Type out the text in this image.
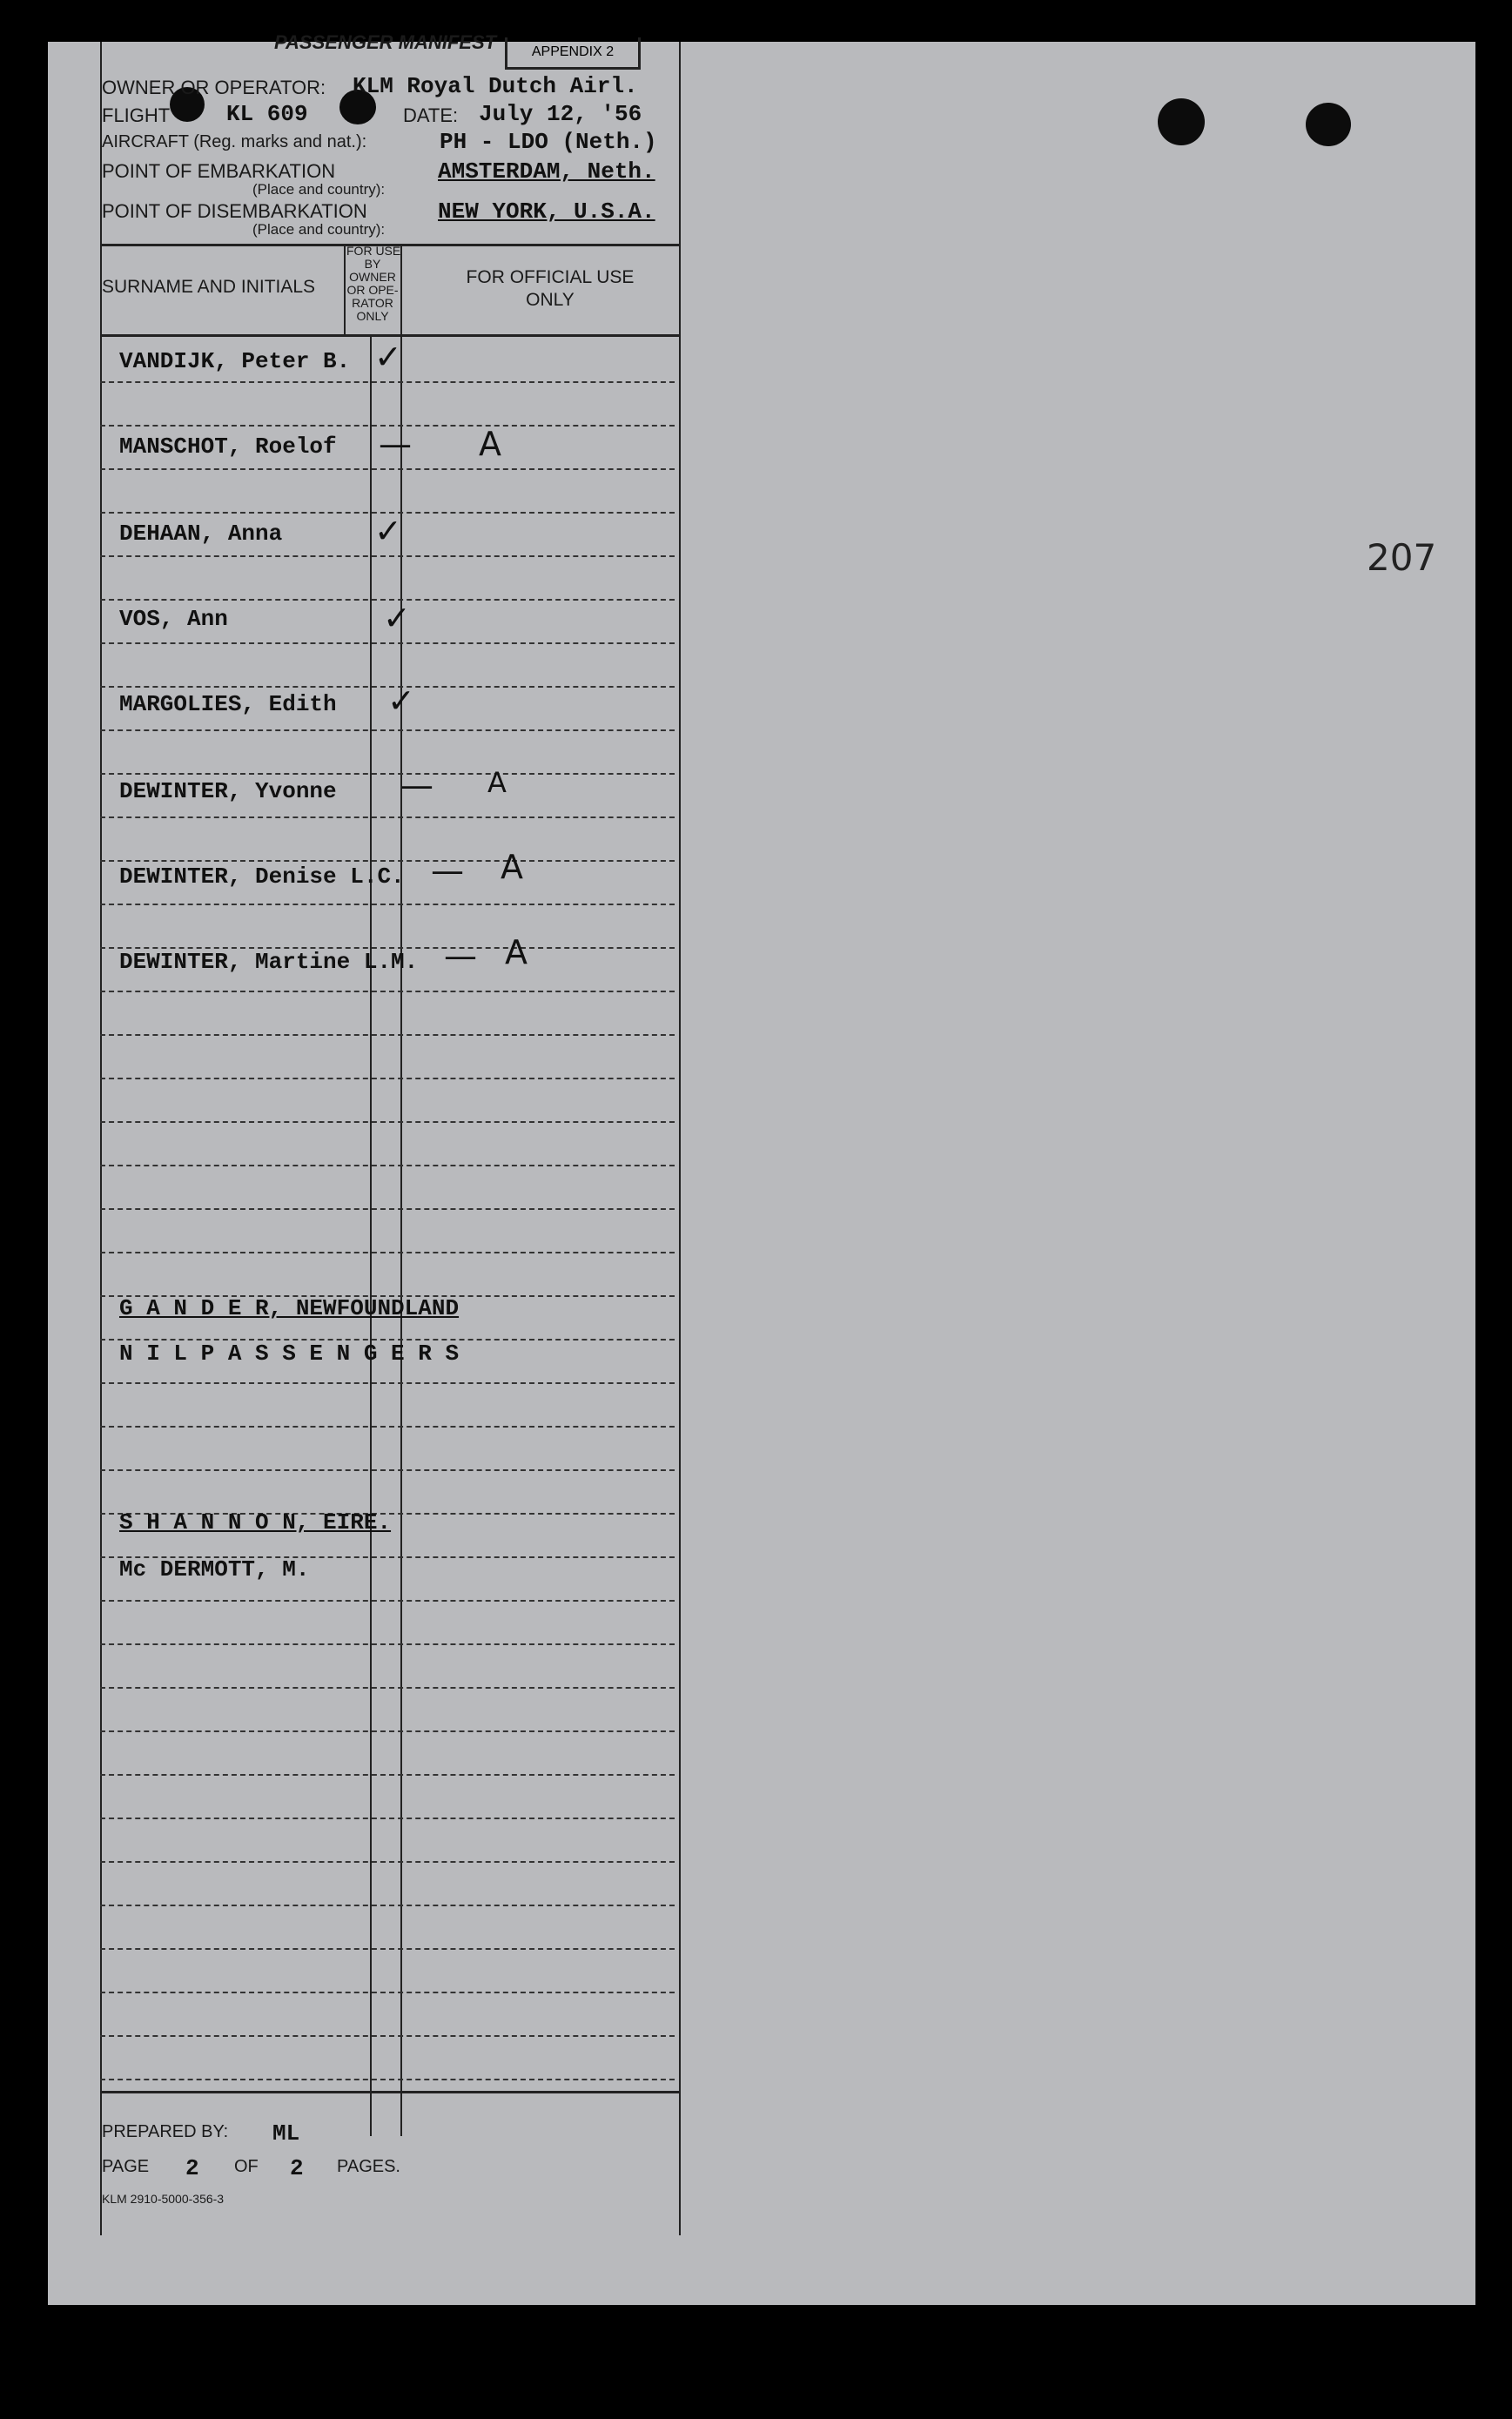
207
PASSENGER MANIFEST	APPENDIX 2
OWNER OR OPERATOR: KLM Royal Dutch Airl.
FLIGHT KL 609	DATE: July 12, '56
AIRCRAFT (Reg. marks and nat.):	PH - LDO (Neth.)
POINT OF EMBARKATION
(Place and country):
AMSTERDAM, Neth.
POINT OF DISEMBARKATION
(Place and country):
NEW YORK, U.S.A.
SURNAME AND INITIALS
FOR USE
BY
OWNER
OR OPE-
RATOR
ONLY
FOR OFFICIAL USE
ONLY
VANDIJK, Peter B. ✓
MANSCHOT, Roelof — A
DEHAAN, Anna	✓
VOS, Ann	✓
MARGOLIES, Edith ✓
DEWINTER, Yvonne — A
DEWINTER, Denise L.C. — A
DEWINTER, Martine L.M. — A
G A N D E R, NEWFOUNDLAND
N I L P A S S E N G E R S
S H A N N O N, EIRE.
Mc DERMOTT, M.
PREPARED BY: ML
PAGE 2 OF 2 PAGES.
KLM 2910-5000-356-3
